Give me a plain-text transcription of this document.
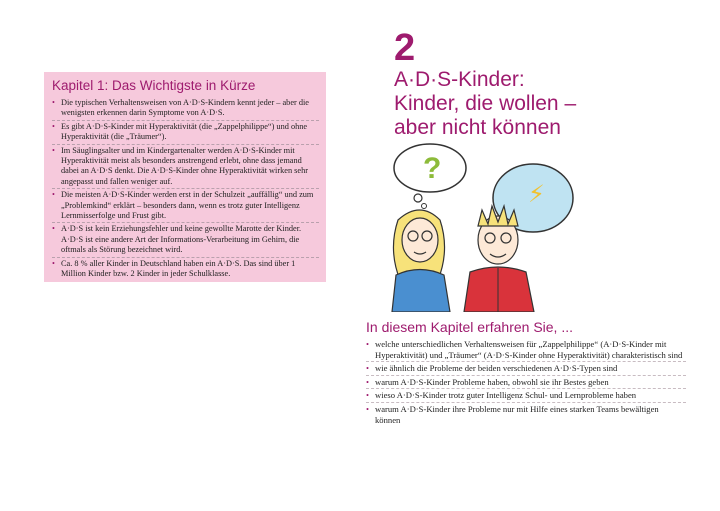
Kapitel 1: Das Wichtigste in Kürze
• Die typischen Verhaltensweisen von A·D·S-Kindern kennt jeder – aber die wenigsten erkennen darin Symptome von A·D·S.
• Es gibt A·D·S-Kinder mit Hyperaktivität (die „Zappelphilippe“) und ohne Hyperaktivität (die „Träumer“).
• Im Säuglingsalter und im Kindergartenalter werden A·D·S-Kinder mit Hyperaktivität meist als besonders anstrengend erlebt, ohne dass jemand dabei an A·D·S denkt. Die A·D·S-Kinder ohne Hyperaktivität wirken sehr angepasst und fallen weniger auf.
• Die meisten A·D·S-Kinder werden erst in der Schulzeit „auffällig“ und zum „Problemkind“ erklärt – besonders dann, wenn es trotz guter Intelligenz Lernmisserfolge und Frust gibt.
• A·D·S ist kein Erziehungsfehler und keine gewollte Marotte der Kinder. A·D·S ist eine andere Art der Informations-Verarbeitung im Gehirn, die oftmals als Störung bezeichnet wird.
• Ca. 8 % aller Kinder in Deutschland haben ein A·D·S. Das sind über 1 Million Kinder bzw. 2 Kinder in jeder Schulklasse.
2
A·D·S-Kinder:
Kinder, die wollen –
aber nicht können
?
⚡
In diesem Kapitel erfahren Sie, ...
• welche unterschiedlichen Verhaltensweisen für „Zappelphilippe“ (A·D·S-Kinder mit Hyperaktivität) und „Träumer“ (A·D·S-Kinder ohne Hyperaktivität) charakteristisch sind
• wie ähnlich die Probleme der beiden verschiedenen A·D·S-Typen sind
• warum A·D·S-Kinder Probleme haben, obwohl sie ihr Bestes geben
• wieso A·D·S-Kinder trotz guter Intelligenz Schul- und Lernprobleme haben
• warum A·D·S-Kinder ihre Probleme nur mit Hilfe eines starken Teams bewältigen können
